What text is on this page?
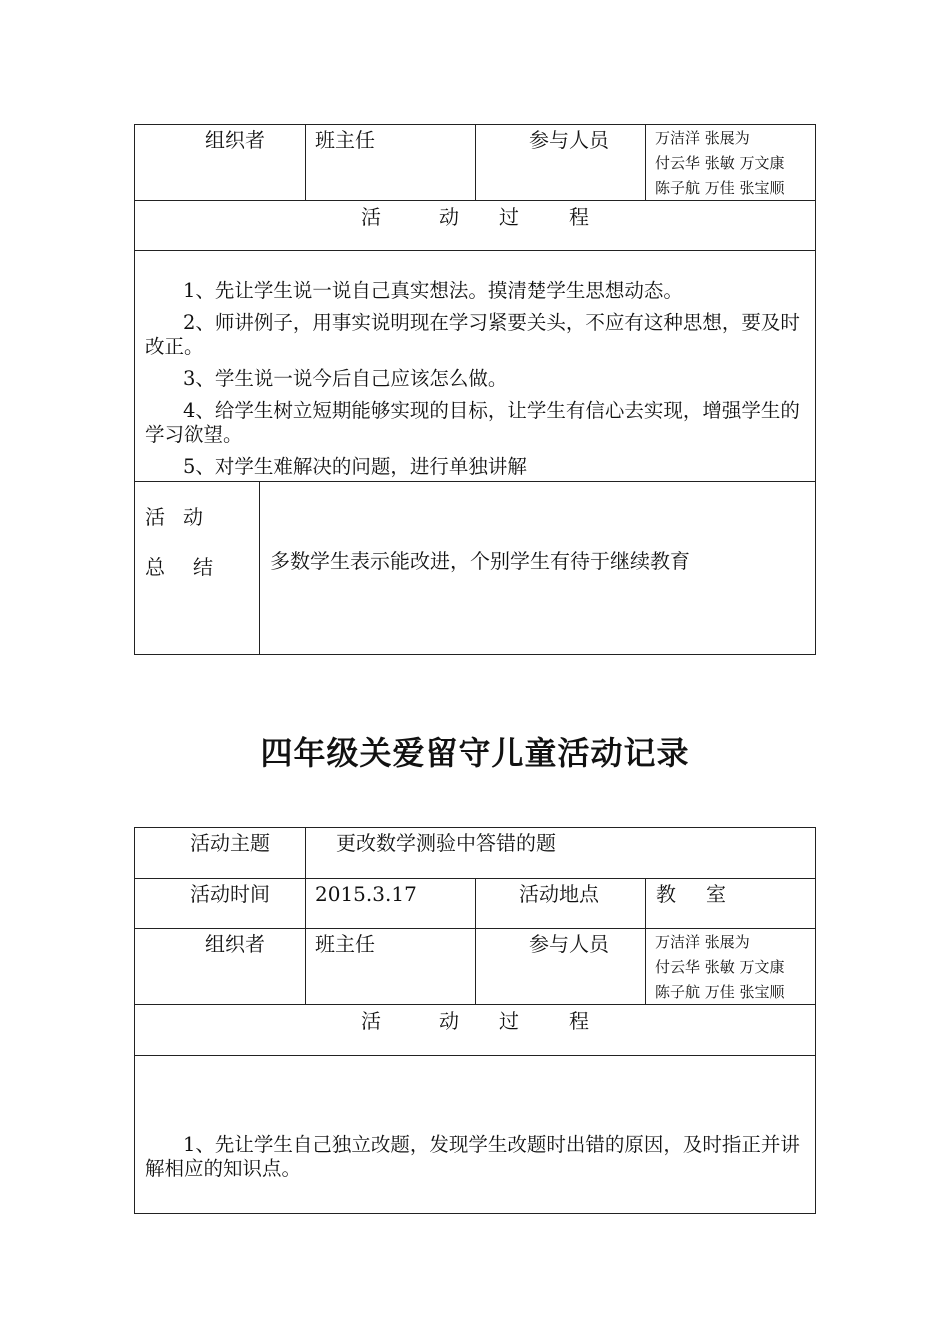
组织者	班主任	参与人员	万洁洋 张展为
付云华 张敏 万文康
陈子航 万佳 张宝顺
活	动 过	程

1、先让学生说一说自己真实想法。摸清楚学生思想动态。

2、师讲例子，用事实说明现在学习紧要关头，不应有这种思想，要及时改正。

3、学生说一说今后自己应该怎么做。

4、给学生树立短期能够实现的目标，让学生有信心去实现，增强学生的学习欲望。

5、对学生难解决的问题，进行单独讲解

活 动
总 结	多数学生表示能改进，个别学生有待于继续教育
四年级关爱留守儿童活动记录
活动主题	更改数学测验中答错的题
活动时间 2015.3.17	活动地点	教 室
组织者	班主任	参与人员	万洁洋 张展为
付云华 张敏 万文康
陈子航 万佳 张宝顺
活	动 过	程

1、先让学生自己独立改题，发现学生改题时出错的原因，及时指正并讲解相应的知识点。
